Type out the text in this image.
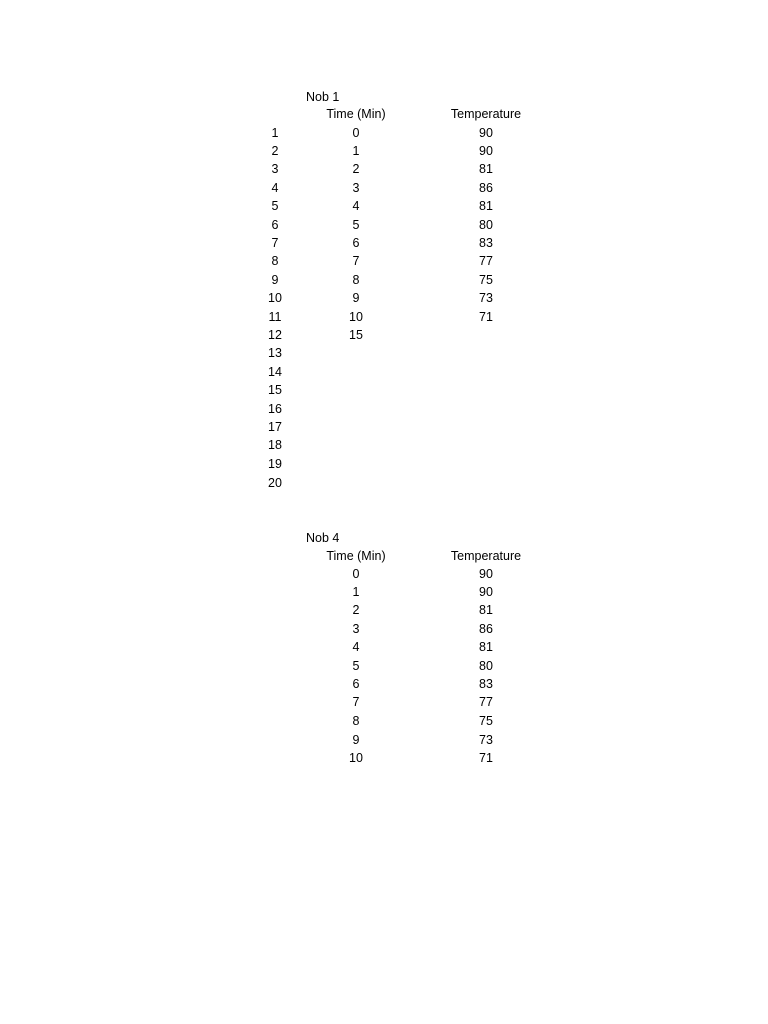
Nob 1
Time (Min)	Temperature
1
2
3
4
5
6
7
8
9
10
11
12
13
14
15
16
17
18
19
20
0
1
2
3
4
5
6
7
8
9
10
15
90
90
81
86
81
80
83
77
75
73
71
Nob 4
Time (Min)	Temperature
0
1
2
3
4
5
6
7
8
9
10
90
90
81
86
81
80
83
77
75
73
71
